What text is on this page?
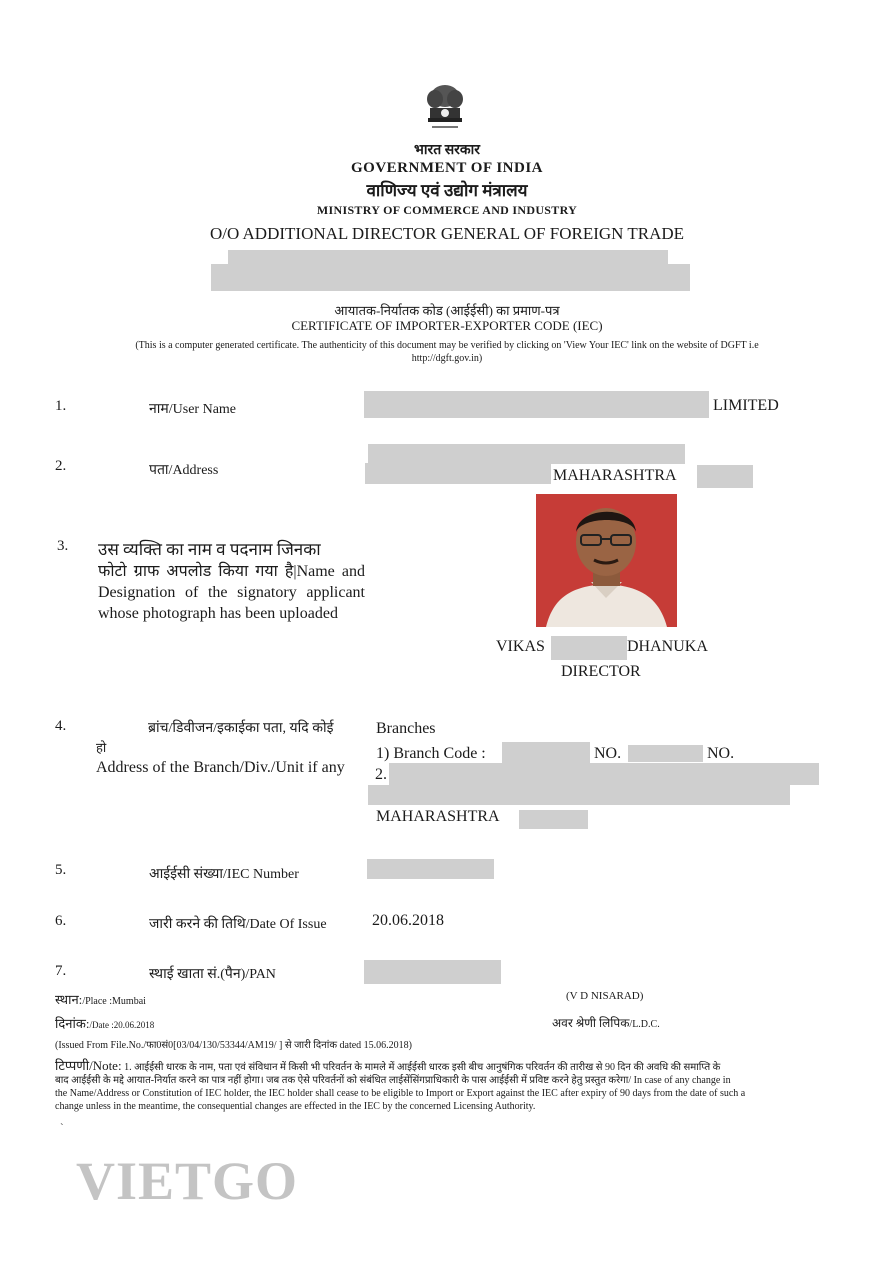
भारत सरकार
GOVERNMENT OF INDIA
वाणिज्य एवं उद्योग मंत्रालय
MINISTRY OF COMMERCE AND INDUSTRY
O/O ADDITIONAL DIRECTOR GENERAL OF FOREIGN TRADE
आयातक-निर्यातक कोड (आईईसी) का प्रमाण-पत्र
CERTIFICATE OF IMPORTER-EXPORTER CODE (IEC)
(This is a computer generated certificate. The authenticity of this document may be verified by clicking on 'View Your IEC' link on the website of DGFT i.e
http://dgft.gov.in)
1.	नाम/User Name	LIMITED
2.	पता/Address	MAHARASHTRA
3. उस व्यक्ति का नाम व पदनाम जिनका
फोटो ग्राफ अपलोड किया गया है|Name and Designation of the signatory applicant whose photograph has been uploaded
VIKAS	DHANUKA
DIRECTOR
4.	ब्रांच/डिवीजन/इकाईका पता, यदि कोई
हो
Address of the Branch/Div./Unit if any
Branches
1) Branch Code :	NO.	NO.
2.
MAHARASHTRA
5.	आईईसी संख्या/IEC Number
6.	जारी करने की तिथि/Date Of Issue	20.06.2018
7.	स्थाई खाता सं.(पैन)/PAN
स्थान:/Place :Mumbai	(V D NISARAD)
दिनांक:/Date :20.06.2018	अवर श्रेणी लिपिक/L.D.C.
(Issued From File.No./फा0सं0[03/04/130/53344/AM19/ ] से जारी दिनांक dated 15.06.2018)
टिप्पणी/Note: 1. आईईसी धारक के नाम, पता एवं संविधान में किसी भी परिवर्तन के मामले में आईईसी धारक इसी बीच आनुषंगिक परिवर्तन की तारीख से 90 दिन की अवधि की समाप्ति के
बाद आईईसी के मद्दे आयात-निर्यात करने का पात्र नहीं होगा। जब तक ऐसे परिवर्तनों को संबंधित लाईसेंसिंगप्राधिकारी के पास आईईसी में प्रविष्ट करने हेतु प्रस्तुत करेगा/ In case of any change in
the Name/Address or Constitution of IEC holder, the IEC holder shall cease to be eligible to Import or Export against the IEC after expiry of 90 days from the date of such a
change unless in the meantime, the consequential changes are effected in the IEC by the concerned Licensing Authority.
`
VIETGO
